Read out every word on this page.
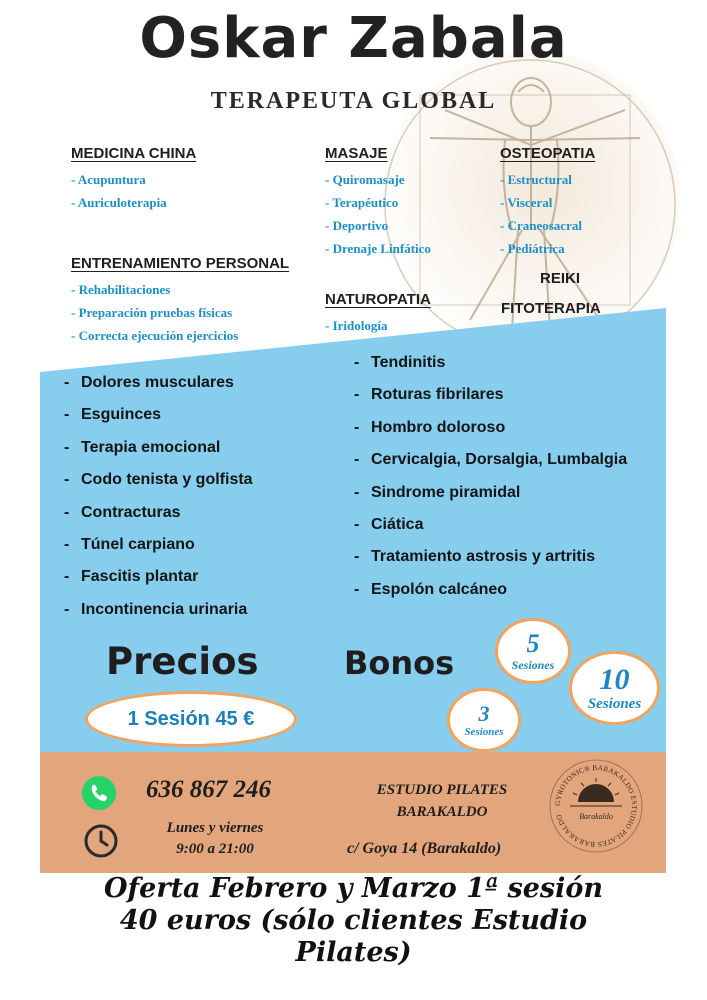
Oskar Zabala
TERAPEUTA GLOBAL
MEDICINA CHINA
- Acupuntura
- Auriculoterapia
MASAJE
- Quiromasaje
- Terapéutico
- Deportivo
- Drenaje Linfático
OSTEOPATIA
- Estructural
- Visceral
- Craneosacral
- Pediátrica
ENTRENAMIENTO PERSONAL
- Rehabilitaciones
- Preparación pruebas físicas
- Correcta ejecución ejercicios
NATUROPATIA
- Iridología
REIKI
FITOTERAPIA
- Dolores musculares
- Esguinces
- Terapia emocional
- Codo tenista y golfista
- Contracturas
- Túnel carpiano
- Fascitis plantar
- Incontinencia urinaria
- Tendinitis
- Roturas fibrilares
- Hombro doloroso
- Cervicalgia, Dorsalgia, Lumbalgia
- Sindrome piramidal
- Ciática
- Tratamiento astrosis y artritis
- Espolón calcáneo
Precios	Bonos
1 Sesión 45 €
5
Sesiones 10
Sesiones
3
Sesiones
636 867 246
Lunes y viernes
9:00 a 21:00
ESTUDIO PILATES
BARAKALDO
c/ Goya 14 (Barakaldo)
GYROTONIC® BARAKALDO ESTUDIO PILATES BARAKALDO	Barakaldo
Oferta Febrero y Marzo 1ª sesión
40 euros (sólo clientes Estudio
Pilates)
